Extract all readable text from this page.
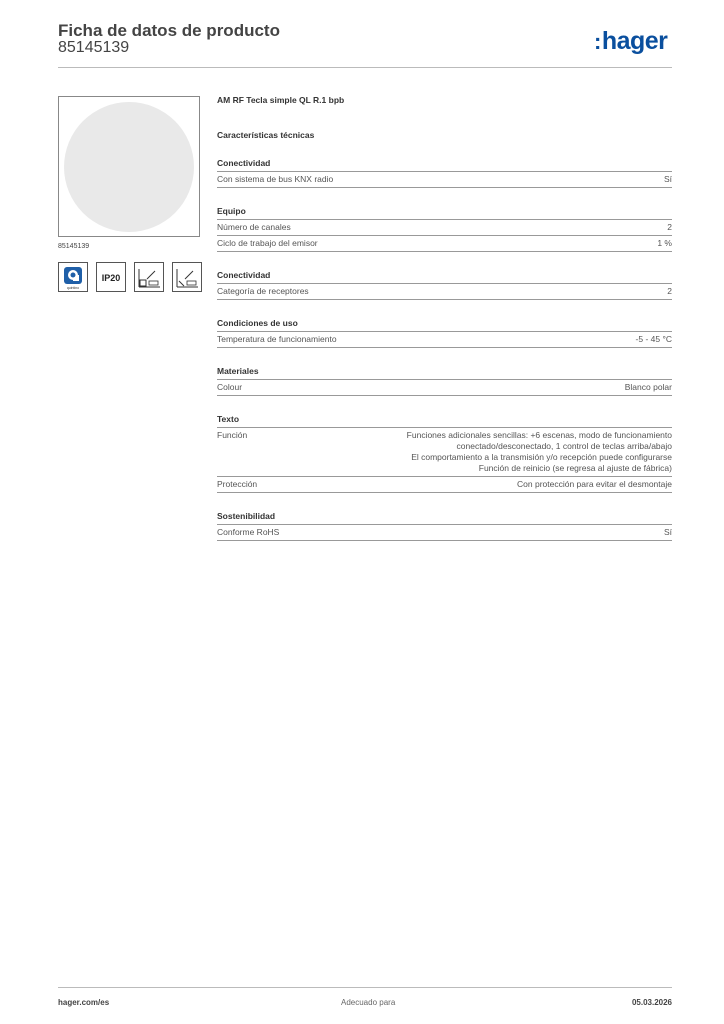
Ficha de datos de producto
85145139	:hager
85145139
quintino
IP20
AM RF Tecla simple QL R.1 bpb
Características técnicas
Conectividad
Con sistema de bus KNX radio	Sí
Equipo
Número de canales	2
Ciclo de trabajo del emisor	1 %
Conectividad
Categoría de receptores	2
Condiciones de uso
Temperatura de funcionamiento	-5 - 45 °C
Materiales
Colour	Blanco polar
Texto
Función	Funciones adicionales sencillas: +6 escenas, modo de funcionamiento
conectado/desconectado, 1 control de teclas arriba/abajo
El comportamiento a la transmisión y/o recepción puede configurarse
Función de reinicio (se regresa al ajuste de fábrica)
Protección	Con protección para evitar el desmontaje
Sostenibilidad
Conforme RoHS	Sí
hager.com/es	Adecuado para	05.03.2026
